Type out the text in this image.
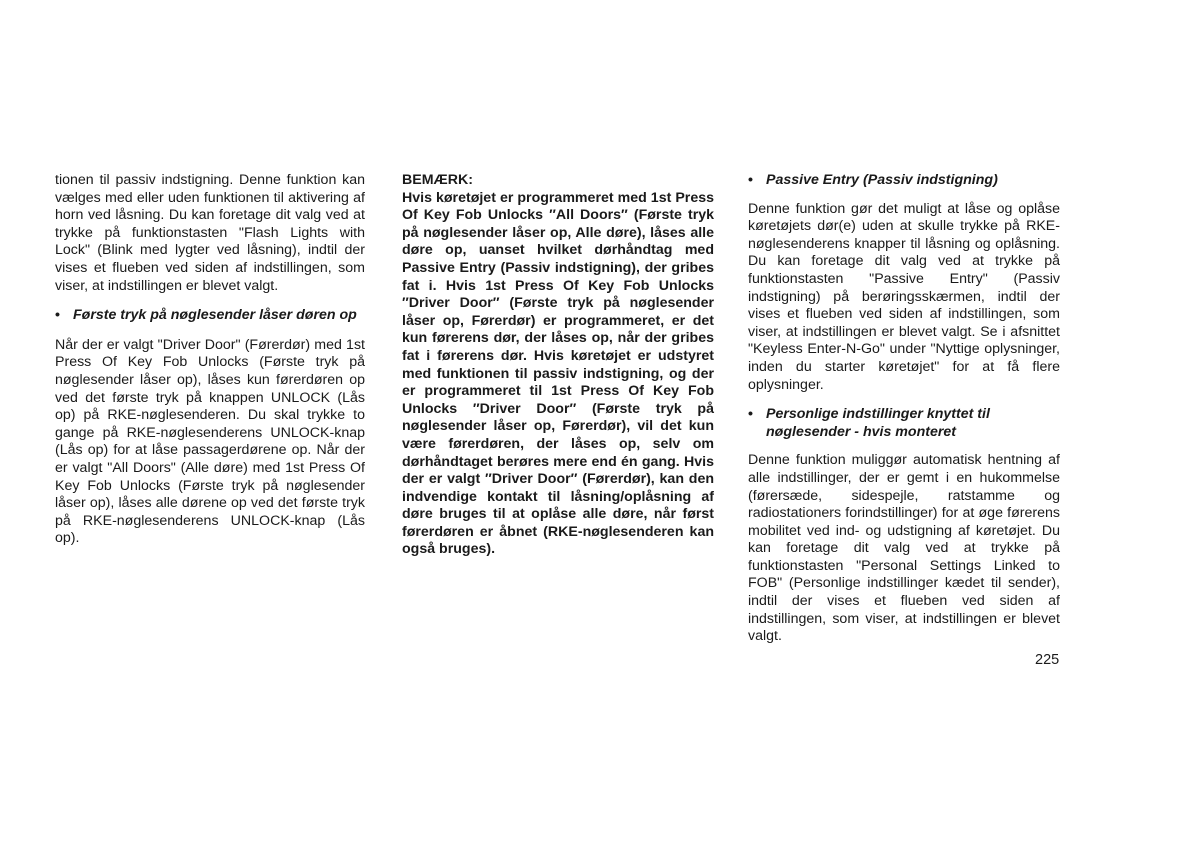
tionen til passiv indstigning. Denne funktion kan vælges med eller uden funktionen til aktivering af horn ved låsning. Du kan foretage dit valg ved at trykke på funktionstasten "Flash Lights with Lock" (Blink med lygter ved låsning), indtil der vises et flueben ved siden af indstillingen, som viser, at indstillingen er blevet valgt.

• Første tryk på nøglesender låser døren op

Når der er valgt "Driver Door" (Førerdør) med 1st Press Of Key Fob Unlocks (Første tryk på nøglesender låser op), låses kun førerdøren op ved det første tryk på knappen UNLOCK (Lås op) på RKE-nøglesenderen. Du skal trykke to gange på RKE-nøglesenderens UNLOCK-knap (Lås op) for at låse passagerdørene op. Når der er valgt "All Doors" (Alle døre) med 1st Press Of Key Fob Unlocks (Første tryk på nøglesender låser op), låses alle dørene op ved det første tryk på RKE-nøglesenderens UNLOCK-knap (Lås op).

BEMÆRK:

Hvis køretøjet er programmeret med 1st Press Of Key Fob Unlocks ″All Doors″ (Første tryk på nøglesender låser op, Alle døre), låses alle døre op, uanset hvilket dørhåndtag med Passive Entry (Passiv indstigning), der gribes fat i. Hvis 1st Press Of Key Fob Unlocks ″Driver Door″ (Første tryk på nøglesender låser op, Førerdør) er programmeret, er det kun førerens dør, der låses op, når der gribes fat i førerens dør. Hvis køretøjet er udstyret med funktionen til passiv indstigning, og der er programmeret til 1st Press Of Key Fob Unlocks ″Driver Door″ (Første tryk på nøglesender låser op, Førerdør), vil det kun være førerdøren, der låses op, selv om dørhåndtaget berøres mere end én gang. Hvis der er valgt ″Driver Door″ (Førerdør), kan den indvendige kontakt til låsning/oplåsning af døre bruges til at oplåse alle døre, når først førerdøren er åbnet (RKE-nøglesenderen kan også bruges).

• Passive Entry (Passiv indstigning)

Denne funktion gør det muligt at låse og oplåse køretøjets dør(e) uden at skulle trykke på RKE-nøglesenderens knapper til låsning og oplåsning. Du kan foretage dit valg ved at trykke på funktionstasten "Passive Entry" (Passiv indstigning) på berøringsskærmen, indtil der vises et flueben ved siden af indstillingen, som viser, at indstillingen er blevet valgt. Se i afsnittet "Keyless Enter-N-Go" under "Nyttige oplysninger, inden du starter køretøjet" for at få flere oplysninger.

• Personlige indstillinger knyttet til nøglesender - hvis monteret

Denne funktion muliggør automatisk hentning af alle indstillinger, der er gemt i en hukommelse (førersæde, sidespejle, ratstamme og radiostationers forindstillinger) for at øge førerens mobilitet ved ind- og udstigning af køretøjet. Du kan foretage dit valg ved at trykke på funktionstasten "Personal Settings Linked to FOB" (Personlige indstillinger kædet til sender), indtil der vises et flueben ved siden af indstillingen, som viser, at indstillingen er blevet valgt.

225
